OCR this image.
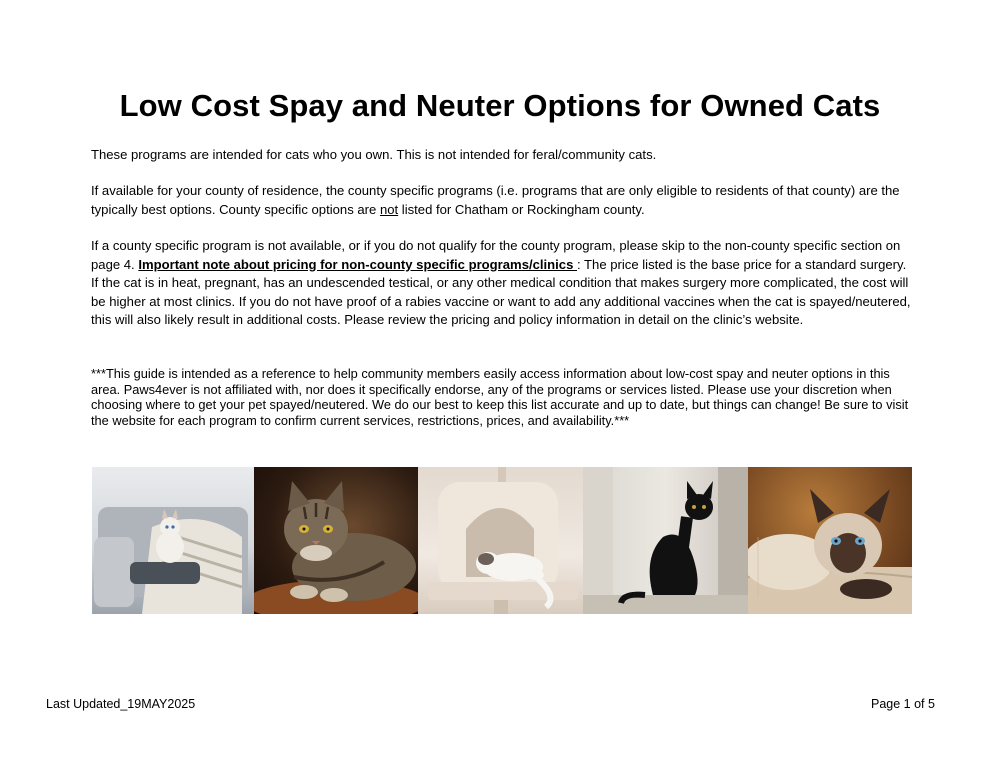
Low Cost Spay and Neuter Options for Owned Cats

These programs are intended for cats who you own. This is not intended for feral/community cats.

If available for your county of residence, the county specific programs (i.e. programs that are only eligible to residents of that county) are the typically best options. County specific options are not listed for Chatham or Rockingham county.

If a county specific program is not available, or if you do not qualify for the county program, please skip to the non-county specific section on page 4. Important note about pricing for non-county specific programs/clinics : The price listed is the base price for a standard surgery. If the cat is in heat, pregnant, has an undescended testical, or any other medical condition that makes surgery more complicated, the cost will be higher at most clinics. If you do not have proof of a rabies vaccine or want to add any additional vaccines when the cat is spayed/neutered, this will also likely result in additional costs. Please review the pricing and policy information in detail on the clinic’s website.

***This guide is intended as a reference to help community members easily access information about low-cost spay and neuter options in this area. Paws4ever is not affiliated with, nor does it specifically endorse, any of the programs or services listed. Please use your discretion when choosing where to get your pet spayed/neutered. We do our best to keep this list accurate and up to date, but things can change! Be sure to visit the website for each program to confirm current services, restrictions, prices, and availability.***

Last Updated_19MAY2025	Page 1 of 5
